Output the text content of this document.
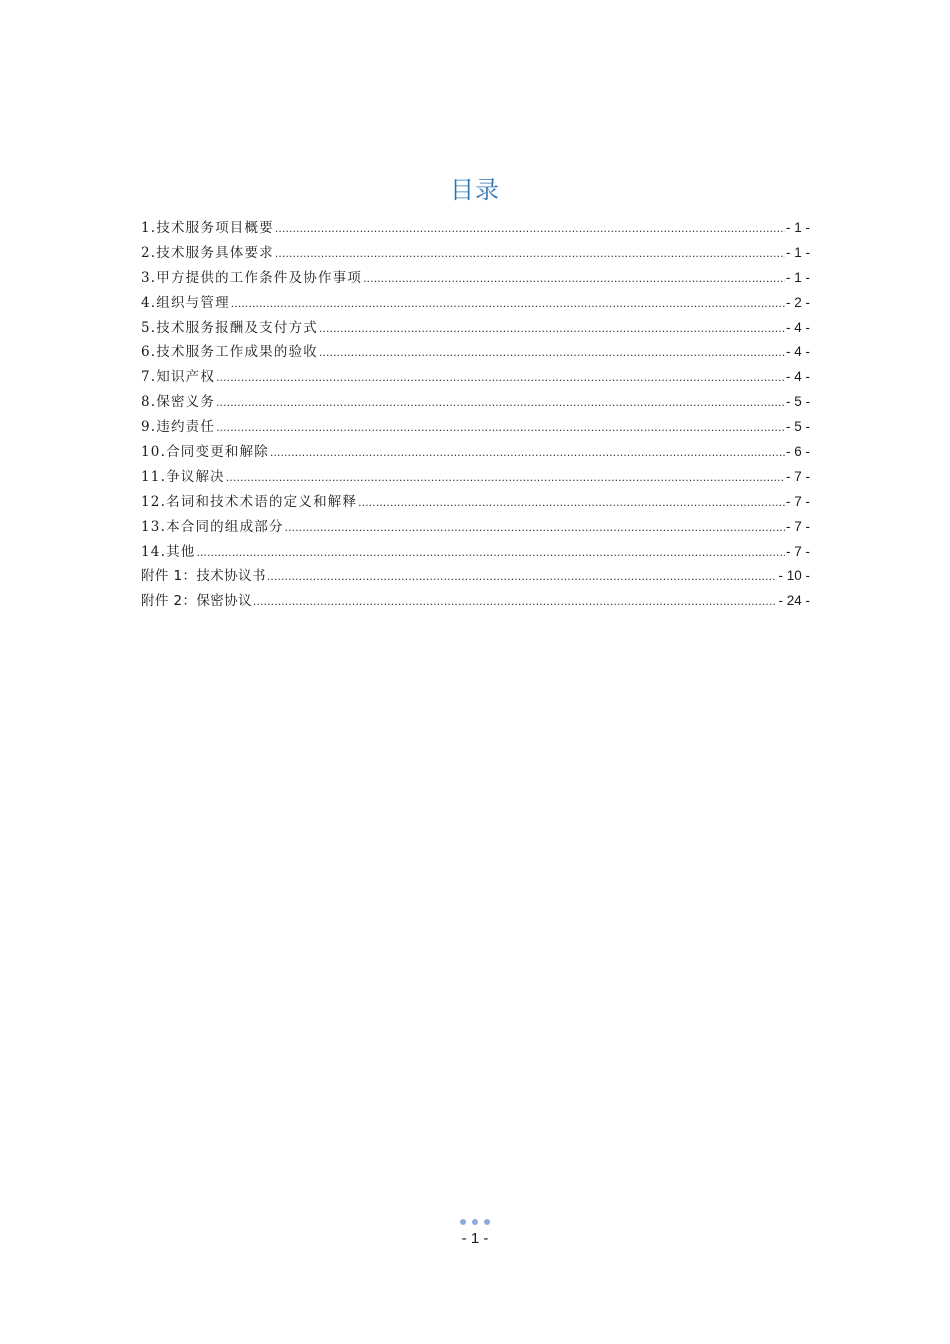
目录
1.技术服务项目概要 .....	- 1 -
2.技术服务具体要求 .....	- 1 -
3.甲方提供的工作条件及协作事项 .....	- 1 -
4.组织与管理 .....	- 2 -
5.技术服务报酬及支付方式 .....	- 4 -
6.技术服务工作成果的验收 .....	- 4 -
7.知识产权 .....	- 4 -
8.保密义务 .....	- 5 -
9.违约责任 .....	- 5 -
10.合同变更和解除 .....	- 6 -
11.争议解决 .....	- 7 -
12.名词和技术术语的定义和解释 .....	- 7 -
13.本合同的组成部分 .....	- 7 -
14.其他 .....	- 7 -
附件 1：技术协议书 .....	- 10 -
附件 2：保密协议 .....	- 24 -
- 1 -
